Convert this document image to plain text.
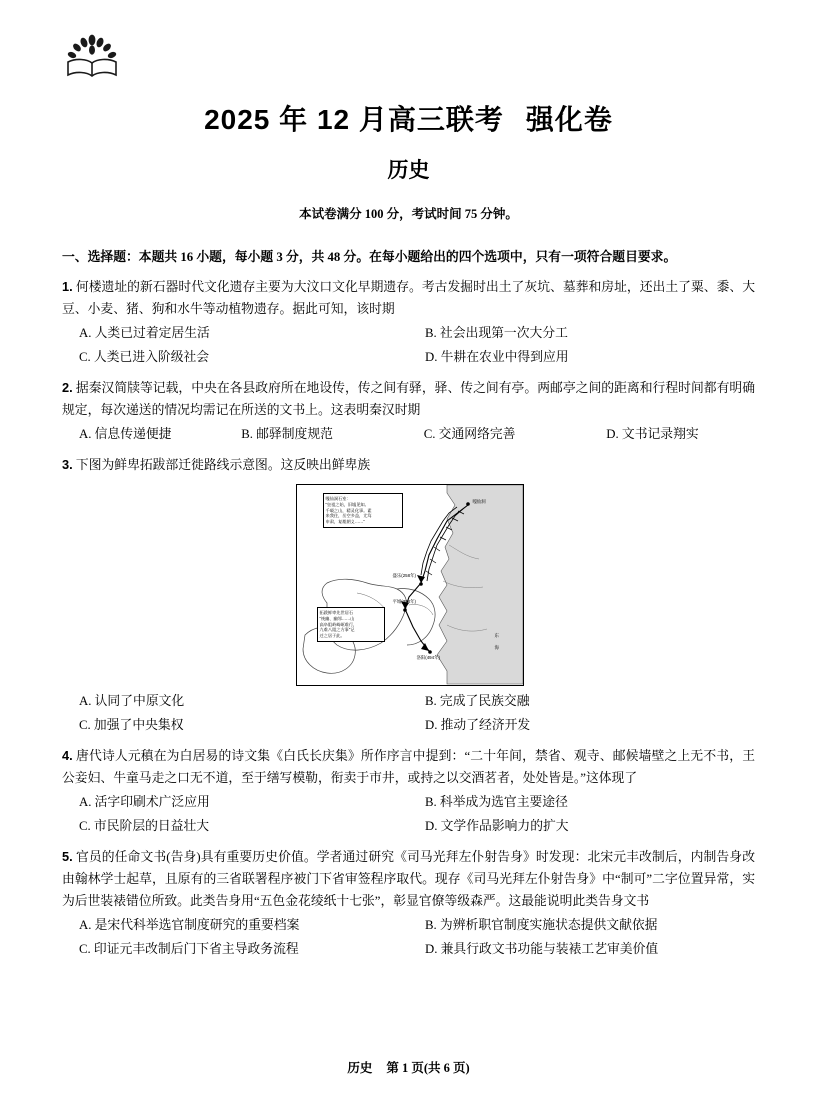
2025 年 12 月高三联考 强化卷
历史
本试卷满分 100 分，考试时间 75 分钟。
一、选择题：本题共 16 小题，每小题 3 分，共 48 分。在每小题给出的四个选项中，只有一项符合题目要求。
1. 何楼遗址的新石器时代文化遗存主要为大汶口文化早期遗存。考古发掘时出土了灰坑、墓葬和房址，还出土了粟、黍、大豆、小麦、猪、狗和水牛等动植物遗存。据此可知，该时期
A. 人类已过着定居生活	B. 社会出现第一次大分工
C. 人类已进入阶级社会	D. 牛耕在农业中得到应用
2. 据秦汉简牍等记载，中央在各县政府所在地设传，传之间有驿，驿、传之间有亭。两邮亭之间的距离和行程时间都有明确规定，每次递送的情况均需记在所送的文书上。这表明秦汉时期
A. 信息传递便捷	B. 邮驿制度规范	C. 交通网络完善	D. 文书记录翔实
3. 下图为鲜卑拓跋部迁徙路线示意图。这反映出鲜卑族
嘎仙洞石室：
“皇祖之始，旧墟见知。
千载之山，精灵化事。素
来我住，岳空多益，尤笃
申肃，复胤朝义……”
拓跋鲜卑先世居石
“统幽、幽邻……山
高阜阻岭崎岖难行，
九难八阻之方事”记
迁之居于此。
嘎仙洞
盛乐(258年)
平城(398年)
洛阳(494年)
东
海
A. 认同了中原文化	B. 完成了民族交融
C. 加强了中央集权	D. 推动了经济开发
4. 唐代诗人元稹在为白居易的诗文集《白氏长庆集》所作序言中提到：“二十年间，禁省、观寺、邮候墙壁之上无不书，王公妾妇、牛童马走之口无不道，至于缮写模勒，衔卖于市井，或持之以交酒茗者，处处皆是。”这体现了
A. 活字印刷术广泛应用	B. 科举成为选官主要途径
C. 市民阶层的日益壮大	D. 文学作品影响力的扩大
5. 官员的任命文书(告身)具有重要历史价值。学者通过研究《司马光拜左仆射告身》时发现：北宋元丰改制后，内制告身改由翰林学士起草，且原有的三省联署程序被门下省审签程序取代。现存《司马光拜左仆射告身》中“制可”二字位置异常，实为后世装裱错位所致。此类告身用“五色金花绫纸十七张”，彰显官僚等级森严。这最能说明此类告身文书
A. 是宋代科举选官制度研究的重要档案	B. 为辨析职官制度实施状态提供文献依据
C. 印证元丰改制后门下省主导政务流程	D. 兼具行政文书功能与装裱工艺审美价值
历史 第 1 页(共 6 页)
